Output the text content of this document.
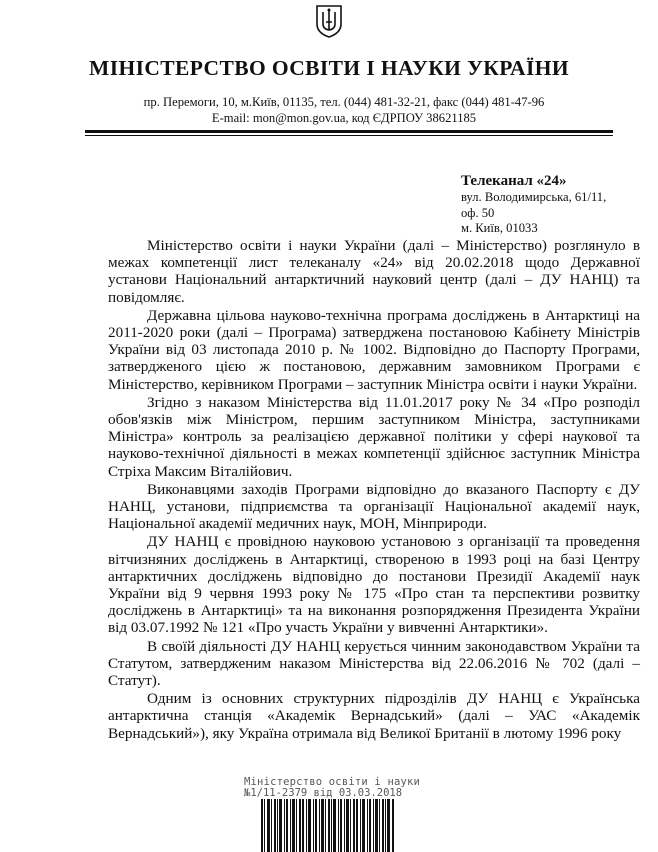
МІНІСТЕРСТВО ОСВІТИ І НАУКИ УКРАЇНИ
пр. Перемоги, 10, м.Київ, 01135, тел. (044) 481-32-21, факс (044) 481-47-96
E-mail: mon@mon.gov.ua, код ЄДРПОУ 38621185
Телеканал «24»
вул. Володимирська, 61/11,
оф. 50
м. Київ, 01033

Міністерство освіти і науки України (далі – Міністерство) розглянуло в межах компетенції лист телеканалу «24» від 20.02.2018 щодо Державної установи Національний антарктичний науковий центр (далі – ДУ НАНЦ) та повідомляє.

Державна цільова науково-технічна програма досліджень в Антарктиці на 2011-2020 роки (далі – Програма) затверджена постановою Кабінету Міністрів України від 03 листопада 2010 р. № 1002. Відповідно до Паспорту Програми, затвердженого цією ж постановою, державним замовником Програми є Міністерство, керівником Програми – заступник Міністра освіти і науки України.

Згідно з наказом Міністерства від 11.01.2017 року № 34 «Про розподіл обов'язків між Міністром, першим заступником Міністра, заступниками Міністра» контроль за реалізацією державної політики у сфері наукової та науково-технічної діяльності в межах компетенції здійснює заступник Міністра Стріха Максим Віталійович.

Виконавцями заходів Програми відповідно до вказаного Паспорту є ДУ НАНЦ, установи, підприємства та організації Національної академії наук, Національної академії медичних наук, МОН, Мінприроди.

ДУ НАНЦ є провідною науковою установою з організації та проведення вітчизняних досліджень в Антарктиці, створеною в 1993 році на базі Центру антарктичних досліджень відповідно до постанови Президії Академії наук України від 9 червня 1993 року № 175 «Про стан та перспективи розвитку досліджень в Антарктиці» та на виконання розпорядження Президента України від 03.07.1992 № 121 «Про участь України у вивченні Антарктики».

В своїй діяльності ДУ НАНЦ керується чинним законодавством України та Статутом, затвердженим наказом Міністерства від 22.06.2016 № 702 (далі – Статут).

Одним із основних структурних підрозділів ДУ НАНЦ є Українська антарктична станція «Академік Вернадський» (далі – УАС «Академік Вернадський»), яку Україна отримала від Великої Британії в лютому 1996 року

Міністерство освіти і науки
№1/11-2379 від 03.03.2018
